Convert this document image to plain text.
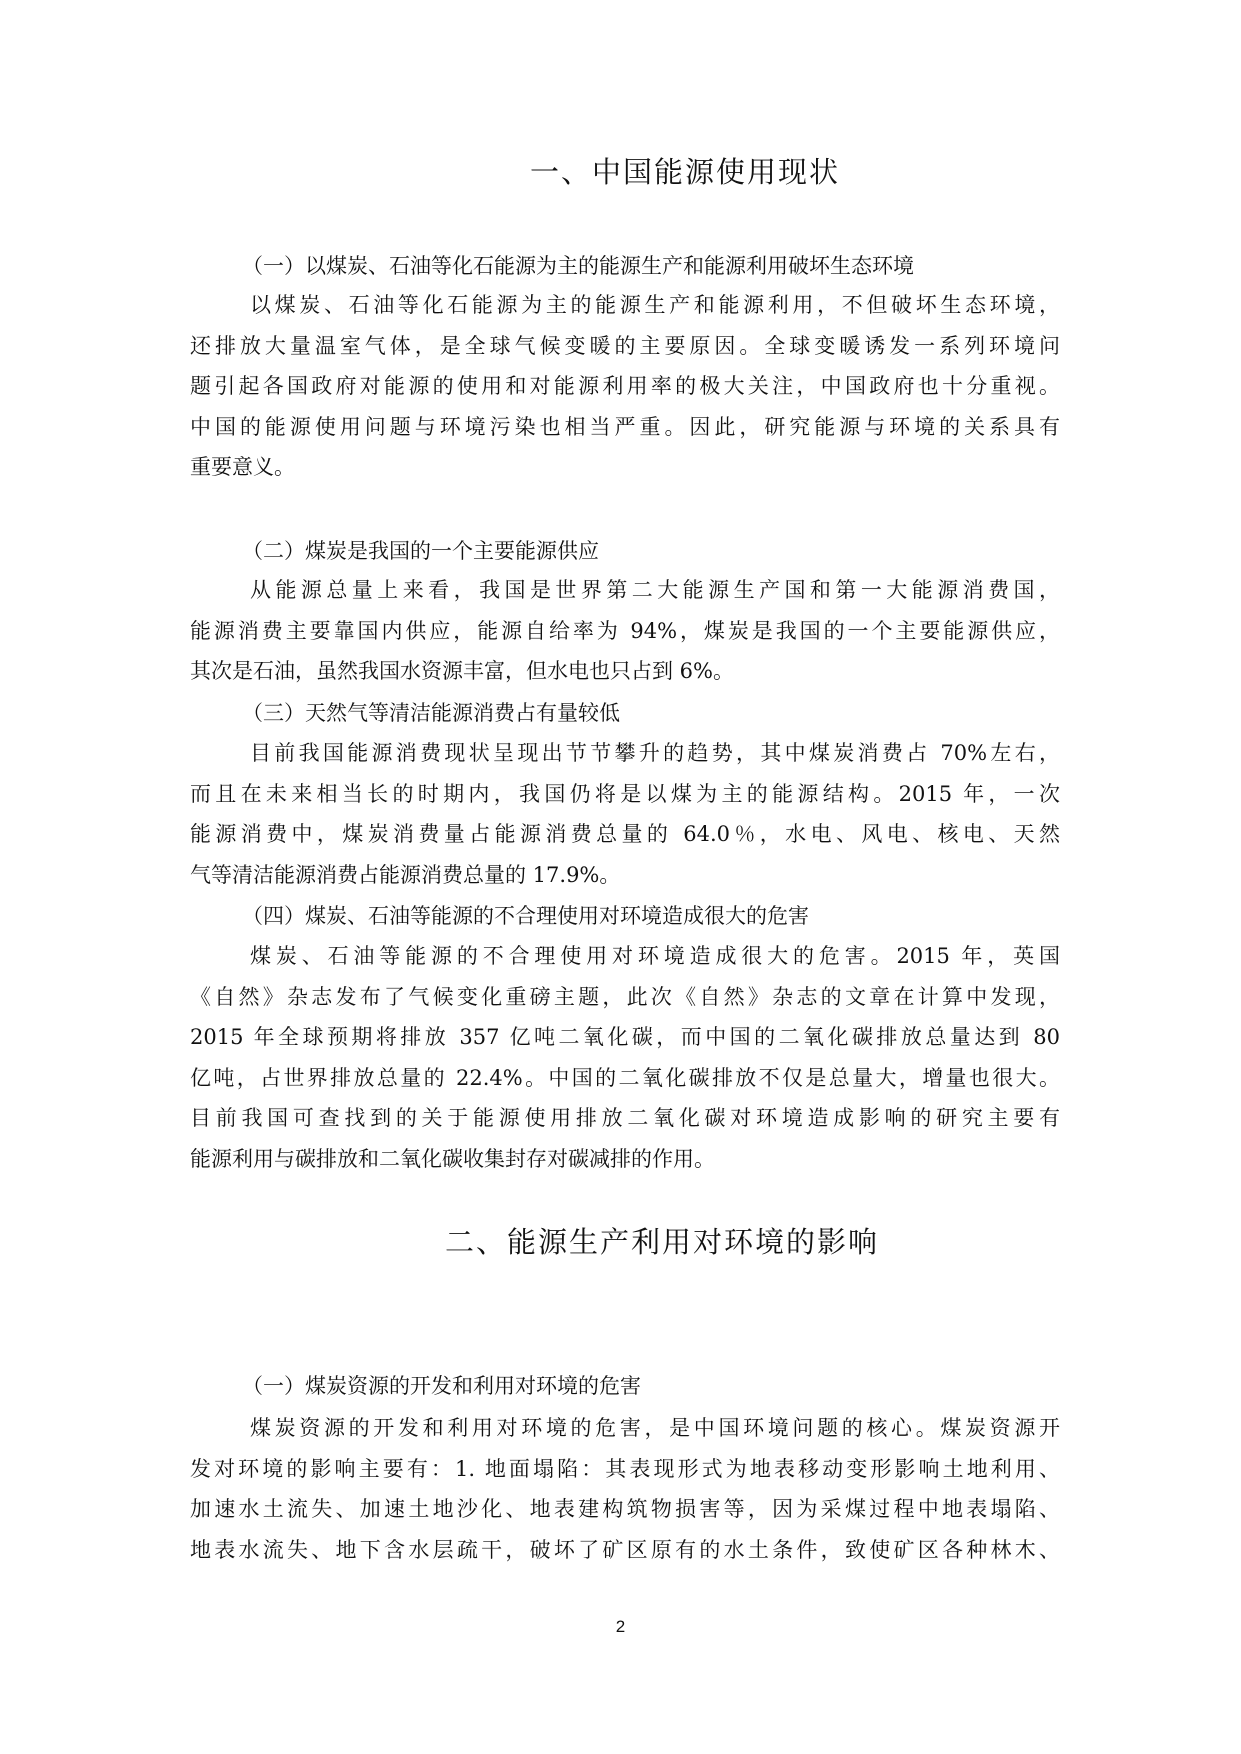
一、中国能源使用现状
（一）以煤炭、石油等化石能源为主的能源生产和能源利用破坏生态环境
以煤炭、石油等化石能源为主的能源生产和能源利用，不但破坏生态环境，
还排放大量温室气体，是全球气候变暖的主要原因。全球变暖诱发一系列环境问
题引起各国政府对能源的使用和对能源利用率的极大关注，中国政府也十分重视。
中国的能源使用问题与环境污染也相当严重。因此，研究能源与环境的关系具有
重要意义。
（二）煤炭是我国的一个主要能源供应
从能源总量上来看，我国是世界第二大能源生产国和第一大能源消费国，
能源消费主要靠国内供应，能源自给率为 94%，煤炭是我国的一个主要能源供应，
其次是石油，虽然我国水资源丰富，但水电也只占到 6%。
（三）天然气等清洁能源消费占有量较低
目前我国能源消费现状呈现出节节攀升的趋势，其中煤炭消费占 70%左右，
而且在未来相当长的时期内，我国仍将是以煤为主的能源结构。2015 年，一次
能源消费中，煤炭消费量占能源消费总量的 64.0％，水电、风电、核电、天然
气等清洁能源消费占能源消费总量的 17.9%。
（四）煤炭、石油等能源的不合理使用对环境造成很大的危害
煤炭、石油等能源的不合理使用对环境造成很大的危害。2015 年，英国
《自然》杂志发布了气候变化重磅主题，此次《自然》杂志的文章在计算中发现，
2015 年全球预期将排放 357 亿吨二氧化碳，而中国的二氧化碳排放总量达到 80
亿吨，占世界排放总量的 22.4%。中国的二氧化碳排放不仅是总量大，增量也很大。
目前我国可查找到的关于能源使用排放二氧化碳对环境造成影响的研究主要有
能源利用与碳排放和二氧化碳收集封存对碳减排的作用。
二、能源生产利用对环境的影响
（一）煤炭资源的开发和利用对环境的危害
煤炭资源的开发和利用对环境的危害，是中国环境问题的核心。煤炭资源开
发对环境的影响主要有：1. 地面塌陷：其表现形式为地表移动变形影响土地利用、
加速水土流失、加速土地沙化、地表建构筑物损害等，因为采煤过程中地表塌陷、
地表水流失、地下含水层疏干，破坏了矿区原有的水土条件，致使矿区各种林木、
2
